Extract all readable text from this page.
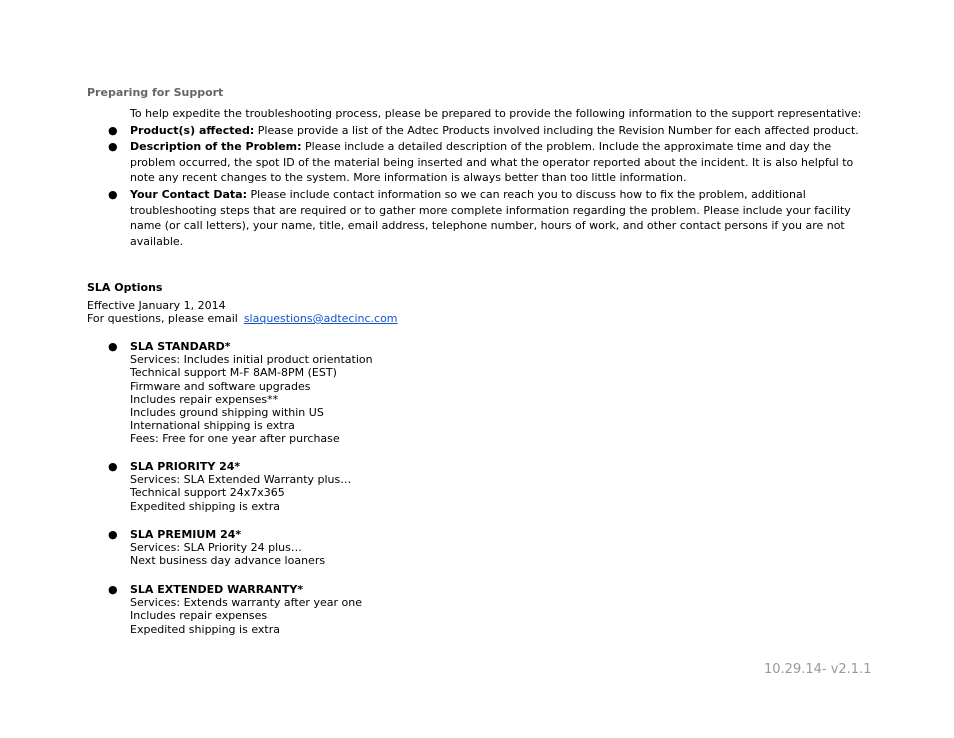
Preparing for Support
To help expedite the troubleshooting process, please be prepared to provide the following information to the support representative:
● Product(s) affected: Please provide a list of the Adtec Products involved including the Revision Number for each affected product.
● Description of the Problem: Please include a detailed description of the problem. Include the approximate time and day the problem occurred, the spot ID of the material being inserted and what the operator reported about the incident. It is also helpful to note any recent changes to the system. More information is always better than too little information.
● Your Contact Data: Please include contact information so we can reach you to discuss how to fix the problem, additional troubleshooting steps that are required or to gather more complete information regarding the problem. Please include your facility name (or call letters), your name, title, email address, telephone number, hours of work, and other contact persons if you are not available.
SLA Options
Effective January 1, 2014
For questions, please email slaquestions@adtecinc.com
● SLA STANDARD*
Services: Includes initial product orientation
Technical support M-F 8AM-8PM (EST)
Firmware and software upgrades
Includes repair expenses**
Includes ground shipping within US
International shipping is extra
Fees: Free for one year after purchase
● SLA PRIORITY 24*
Services: SLA Extended Warranty plus…
Technical support 24x7x365
Expedited shipping is extra
● SLA PREMIUM 24*
Services: SLA Priority 24 plus…
Next business day advance loaners
● SLA EXTENDED WARRANTY*
Services: Extends warranty after year one
Includes repair expenses
Expedited shipping is extra
10.29.14- v2.1.1
